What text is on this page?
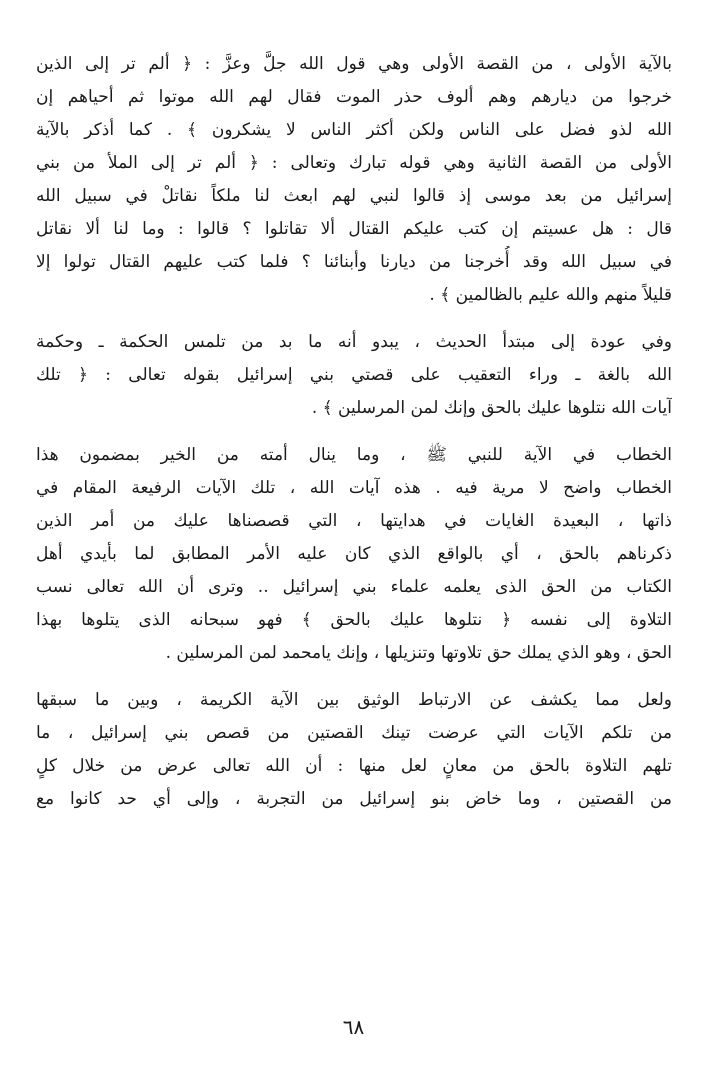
بالآية الأولى ، من القصة الأولى وهي قول الله جلَّ وعزَّ : ﴿ ألم تر إلى الذين
خرجوا من ديارهم وهم ألوف حذر الموت فقال لهم الله موتوا ثم أحياهم إن
الله لذو فضل على الناس ولكن أكثر الناس لا يشكرون ﴾ . كما أذكر بالآية
الأولى من القصة الثانية وهي قوله تبارك وتعالى : ﴿ ألم تر إلى الملأ من بني
إسرائيل من بعد موسى إذ قالوا لنبي لهم ابعث لنا ملكاً نقاتلْ في سبيل الله
قال : هل عسيتم إن كتب عليكم القتال ألا تقاتلوا ؟ قالوا : وما لنا ألا نقاتل
في سبيل الله وقد أُخرجنا من ديارنا وأبنائنا ؟ فلما كتب عليهم القتال تولوا إلا
قليلاً منهم والله عليم بالظالمين ﴾ .
وفي عودة إلى مبتدأ الحديث ، يبدو أنه ما بد من تلمس الحكمة ـ وحكمة
الله بالغة ـ وراء التعقيب على قصتي بني إسرائيل بقوله تعالى : ﴿ تلك
آيات الله نتلوها عليك بالحق وإنك لمن المرسلين ﴾ .
الخطاب في الآية للنبي ﷺ ، وما ينال أمته من الخير بمضمون هذا
الخطاب واضح لا مرية فيه . هذه آيات الله ، تلك الآيات الرفيعة المقام في
ذاتها ، البعيدة الغايات في هدايتها ، التي قصصناها عليك من أمر الذين
ذكرناهم بالحق ، أي بالواقع الذي كان عليه الأمر المطابق لما بأيدي أهل
الكتاب من الحق الذى يعلمه علماء بني إسرائيل .. وترى أن الله تعالى نسب
التلاوة إلى نفسه ﴿ نتلوها عليك بالحق ﴾ فهو سبحانه الذى يتلوها بهذا
الحق ، وهو الذي يملك حق تلاوتها وتنزيلها ، وإنك يامحمد لمن المرسلين .
ولعل مما يكشف عن الارتباط الوثيق بين الآية الكريمة ، وبين ما سبقها
من تلكم الآيات التي عرضت تينك القصتين من قصص بني إسرائيل ، ما
تلهم التلاوة بالحق من معانٍ لعل منها : أن الله تعالى عرض من خلال كلٍ
من القصتين ، وما خاض بنو إسرائيل من التجربة ، وإلى أي حد كانوا مع
٦٨
